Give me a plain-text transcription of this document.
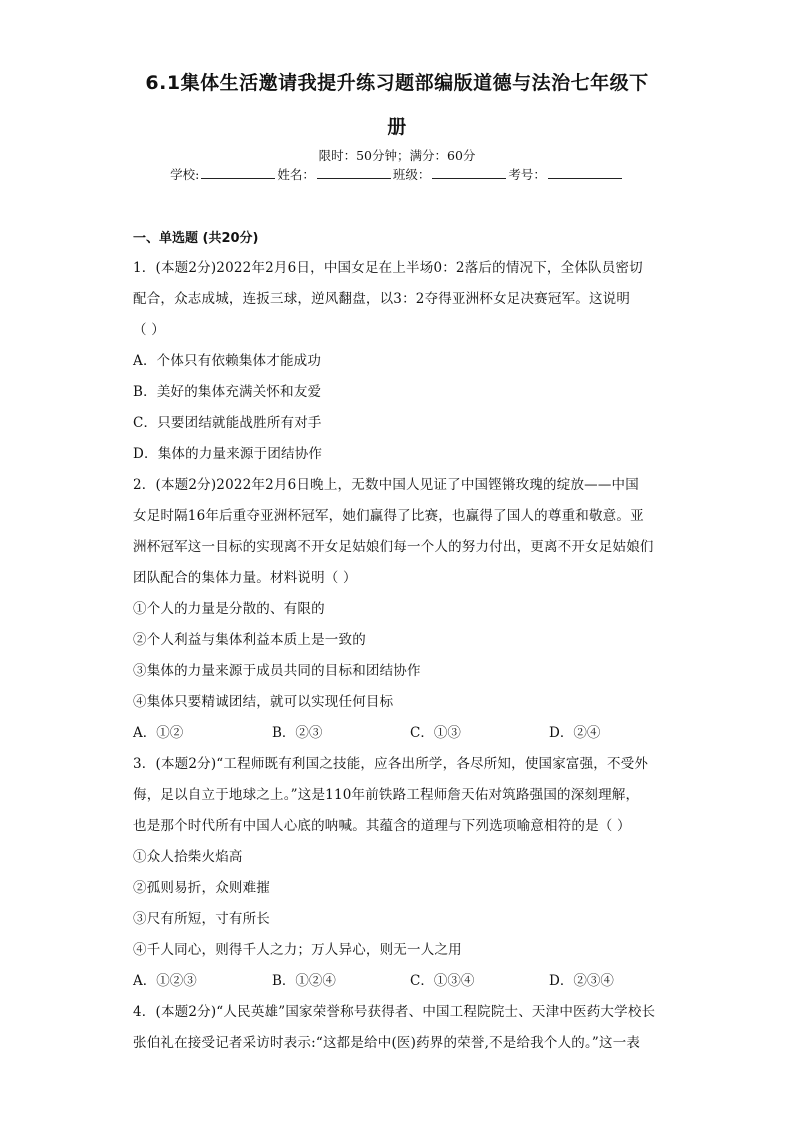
6.1集体生活邀请我提升练习题部编版道德与法治七年级下
册
限时：50分钟；满分：60分
学校:	姓名：	班级：	考号：
一、单选题 (共20分)
1．(本题2分)2022年2月6日，中国女足在上半场0：2落后的情况下，全体队员密切
配合，众志成城，连扳三球，逆风翻盘，以3：2夺得亚洲杯女足决赛冠军。这说明
（ ）
A．个体只有依赖集体才能成功
B．美好的集体充满关怀和友爱
C．只要团结就能战胜所有对手
D．集体的力量来源于团结协作
2．(本题2分)2022年2月6日晚上，无数中国人见证了中国铿锵玫瑰的绽放——中国
女足时隔16年后重夺亚洲杯冠军，她们赢得了比赛，也赢得了国人的尊重和敬意。亚
洲杯冠军这一目标的实现离不开女足姑娘们每一个人的努力付出，更离不开女足姑娘们
团队配合的集体力量。材料说明（ ）
①个人的力量是分散的、有限的
②个人利益与集体利益本质上是一致的
③集体的力量来源于成员共同的目标和团结协作
④集体只要精诚团结，就可以实现任何目标
A．①②	B．②③	C．①③	D．②④
3．(本题2分)“工程师既有利国之技能，应各出所学，各尽所知，使国家富强，不受外
侮，足以自立于地球之上。”这是110年前铁路工程师詹天佑对筑路强国的深刻理解，
也是那个时代所有中国人心底的呐喊。其蕴含的道理与下列选项喻意相符的是（ ）
①众人拾柴火焰高
②孤则易折，众则难摧
③尺有所短，寸有所长
④千人同心，则得千人之力；万人异心，则无一人之用
A．①②③	B．①②④	C．①③④	D．②③④
4．(本题2分)“人民英雄”国家荣誉称号获得者、中国工程院院士、天津中医药大学校长
张伯礼在接受记者采访时表示:“这都是给中(医)药界的荣誉,不是给我个人的。”这一表
